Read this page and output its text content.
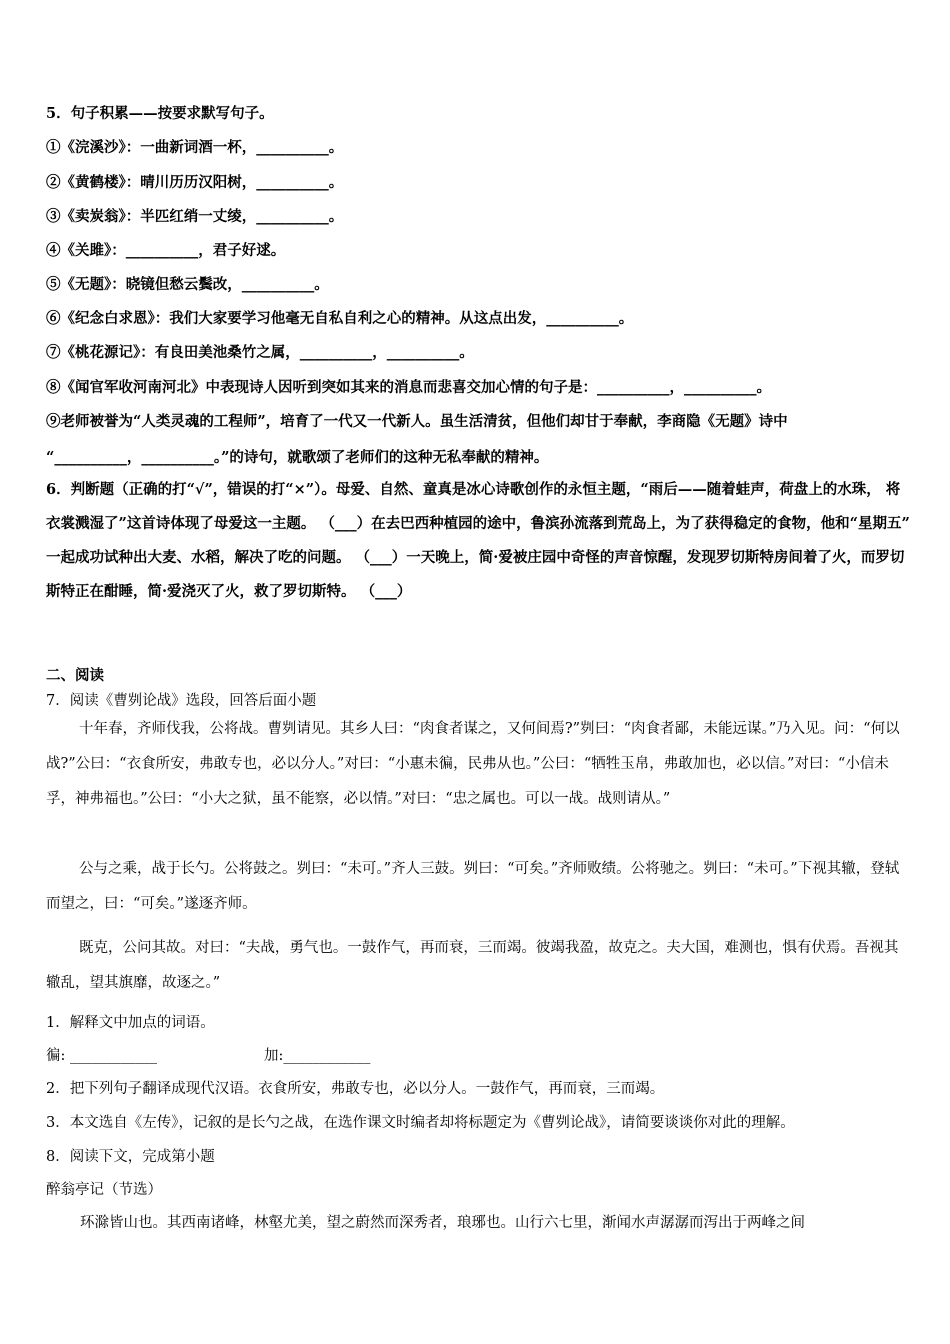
5．句子积累——按要求默写句子。
①《浣溪沙》：一曲新词酒一杯，__________。
②《黄鹤楼》：晴川历历汉阳树，__________。
③《卖炭翁》：半匹红绡一丈绫，__________。
④《关雎》：__________，君子好逑。
⑤《无题》：晓镜但愁云鬓改，__________。
⑥《纪念白求恩》：我们大家要学习他毫无自私自利之心的精神。从这点出发，__________。
⑦《桃花源记》：有良田美池桑竹之属，__________，__________。
⑧《闻官军收河南河北》中表现诗人因听到突如其来的消息而悲喜交加心情的句子是：__________，__________。
⑨老师被誉为“人类灵魂的工程师”，培育了一代又一代新人。虽生活清贫，但他们却甘于奉献，李商隐《无题》诗中
“__________，__________。”的诗句，就歌颂了老师们的这种无私奉献的精神。
6．判断题（正确的打“√”，错误的打“×”）。母爱、自然、童真是冰心诗歌创作的永恒主题，“雨后——随着蛙声，荷盘上的水珠， 将衣裳溅湿了”这首诗体现了母爱这一主题。 （___）在去巴西种植园的途中，鲁滨孙流落到荒岛上，为了获得稳定的食物，他和“星期五” 一起成功试种出大麦、水稻，解决了吃的问题。 （___）一天晚上，简·爱被庄园中奇怪的声音惊醒，发现罗切斯特房间着了火，而罗切斯特正在酣睡，简·爱浇灭了火，救了罗切斯特。 （___）
二、阅读
7．阅读《曹刿论战》选段，回答后面小题
十年春，齐师伐我，公将战。曹刿请见。其乡人曰：“肉食者谋之，又何间焉?”刿曰：“肉食者鄙，未能远谋。”乃入见。问：“何以战?”公曰：“衣食所安，弗敢专也，必以分人。”对曰：“小惠未徧，民弗从也。”公曰：“牺牲玉帛，弗敢加也，必以信。”对曰：“小信未孚，神弗福也。”公曰：“小大之狱，虽不能察，必以情。”对曰：“忠之属也。可以一战。战则请从。”
公与之乘，战于长勺。公将鼓之。刿曰：“未可。”齐人三鼓。刿曰：“可矣。”齐师败绩。公将驰之。刿曰：“未可。”下视其辙，登轼而望之，曰：“可矣。”遂逐齐师。
既克，公问其故。对曰：“夫战，勇气也。一鼓作气，再而衰，三而竭。彼竭我盈，故克之。夫大国，难测也，惧有伏焉。吾视其辙乱，望其旗靡，故逐之。”
1．解释文中加点的词语。
徧: ____________	加:____________
2．把下列句子翻译成现代汉语。衣食所安，弗敢专也，必以分人。一鼓作气，再而衰，三而竭。
3．本文选自《左传》，记叙的是长勺之战，在选作课文时编者却将标题定为《曹刿论战》，请简要谈谈你对此的理解。
8．阅读下文，完成第小题
醉翁亭记（节选）
环滁皆山也。其西南诸峰，林壑尤美，望之蔚然而深秀者，琅琊也。山行六七里，渐闻水声潺潺而泻出于两峰之间
